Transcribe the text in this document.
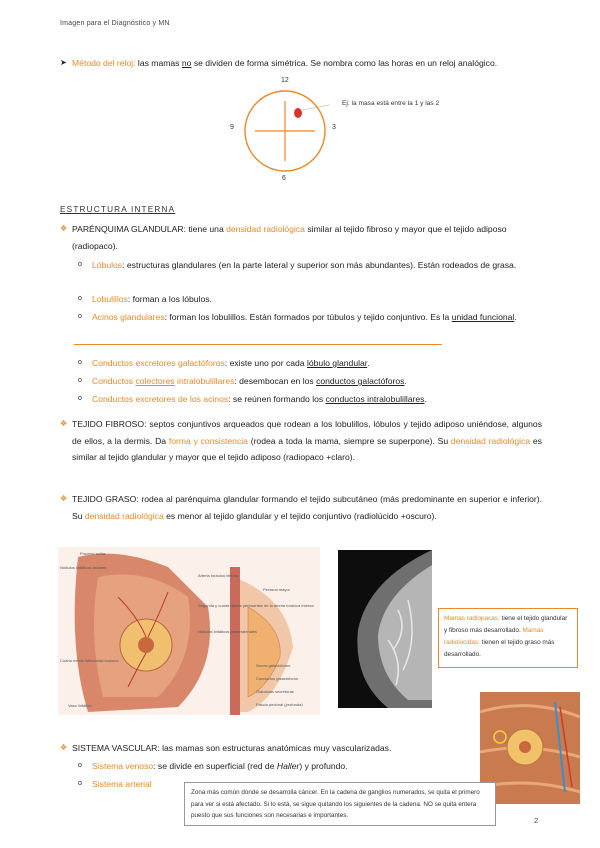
Imagen para el Diagnóstico y MN
➤ Método del reloj: las mamas no se dividen de forma simétrica. Se nombra como las horas en un reloj analógico.
12
9	3
6
Ej: la masa está entre la 1 y las 2
ESTRUCTURA INTERNA
❖ PARÉNQUIMA GLANDULAR: tiene una densidad radiológica similar al tejido fibroso y mayor que el tejido adiposo (radiopaco).
o Lóbulos: estructuras glandulares (en la parte lateral y superior son más abundantes). Están rodeados de grasa.
o Lobulillos: forman a los lóbulos.
o Acinos glandulares: forman los lobulillos. Están formados por túbulos y tejido conjuntivo. Es la unidad funcional.
o Conductos excretores galactóforos: existe uno por cada lóbulo glandular.
o Conductos colectores intralobulillares: desembocan en los conductos galactóforos.
o Conductos excretores de los acinos: se reúnen formando los conductos intralobulillares.
❖ TEJIDO FIBROSO: septos conjuntivos arqueados que rodean a los lobulillos, lóbulos y tejido adiposo uniéndose, algunos de ellos, a la dermis. Da forma y consistencia (rodea a toda la mama, siempre se superpone). Su densidad radiológica es similar al tejido glandular y mayor que el tejido adiposo (radiopaco +claro).
❖ TEJIDO GRASO: rodea al parénquima glandular formando el tejido subcutáneo (más predominante en superior e inferior). Su densidad radiológica es menor al tejido glandular y el tejido conjuntivo (radiolúcido +oscuro).
Proceso axilar
Nódulos linfáticos axilares
Arteria torácica interna
Segunda y cuarta ramas perforantes de la arteria torácica interna
Nódulos linfáticos paraesternales
Cuarto nervio intercostal torácico
Vaso linfático
Pectoral mayor
Senos galactóforos
Conductos galactóforos
Glándulas secretoras
Fascia pectoral (profunda)
Mamas radiopacas: tiene el tejido glandular y fibroso más desarrollado. Mamas radiolúcidas: tienen el tejido graso más desarrollado.
❖ SISTEMA VASCULAR: las mamas son estructuras anatómicas muy vascularizadas.
o Sistema venoso: se divide en superficial (red de Haller) y profundo.
o Sistema arterial
Zona más común donde se desarrolla cáncer. En la cadena de ganglios numerados, se quita el primero para ver si está afectado. Si lo está, se sigue quitando los siguientes de la cadena. NO se quita entera puesto que sus funciones son necesarias e importantes.
2
